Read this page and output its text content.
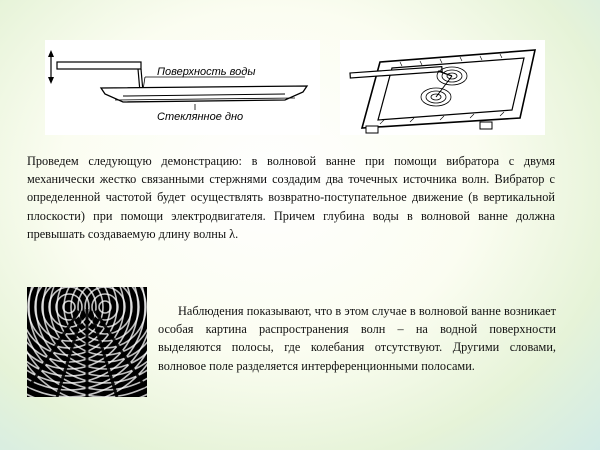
Поверхность воды
Стеклянное дно

Проведем следующую демонстрацию: в волновой ванне при помощи вибратора с двумя механически жестко связанными стержнями создадим два точечных источника волн. Вибратор с определенной частотой будет осуществлять возвратно-поступательное движение (в вертикальной плоскости) при помощи электродвигателя. Причем глубина воды в волновой ванне должна превышать создаваемую длину волны λ.

Наблюдения показывают, что в этом случае в волновой ванне возникает особая картина распространения волн – на водной поверхности выделяются полосы, где колебания отсутствуют. Другими словами, волновое поле разделяется интерференционными полосами.
